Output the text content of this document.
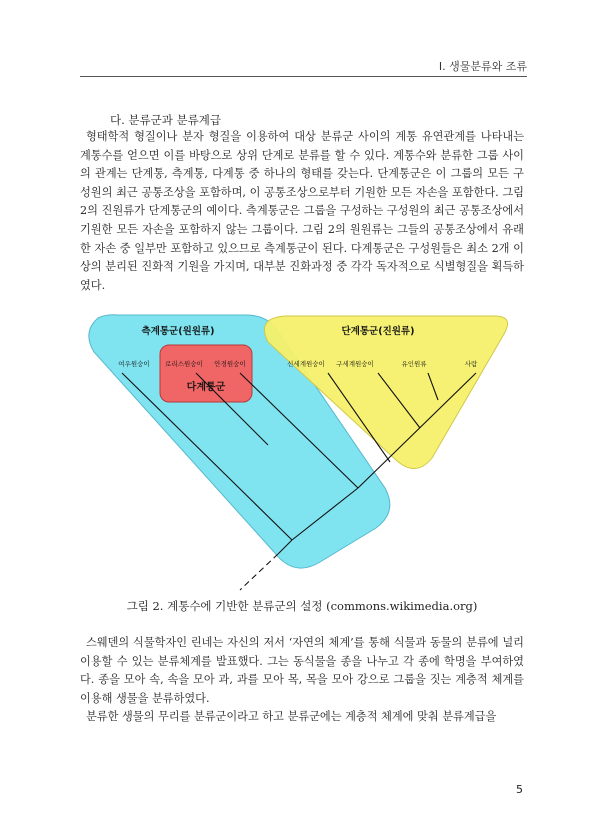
I. 생물분류와 조류
다. 분류군과 분류계급
형태학적 형질이나 분자 형질을 이용하여 대상 분류군 사이의 계통 유연관계를 나타내는 계통수를 얻으면 이를 바탕으로 상위 단계로 분류를 할 수 있다. 계통수와 분류한 그룹 사이의 관계는 단계통, 측계통, 다계통 중 하나의 형태를 갖는다. 단계통군은 이 그룹의 모든 구성원의 최근 공통조상을 포함하며, 이 공통조상으로부터 기원한 모든 자손을 포함한다. 그림 2의 진원류가 단계통군의 예이다. 측계통군은 그룹을 구성하는 구성원의 최근 공통조상에서 기원한 모든 자손을 포함하지 않는 그룹이다. 그림 2의 원원류는 그들의 공통조상에서 유래한 자손 중 일부만 포함하고 있으므로 측계통군이 된다. 다계통군은 구성원들은 최소 2개 이상의 분리된 진화적 기원을 가지며, 대부분 진화과정 중 각각 독자적으로 식별형질을 획득하였다.
측계통군(원원류)	단계통군(진원류)
다계통군
여우원숭이 로리스원숭이 안경원숭이	신세계원숭이 구세계원숭이	유인원류	사람
그림 2. 계통수에 기반한 분류군의 설정 (commons.wikimedia.org)
스웨덴의 식물학자인 린네는 자신의 저서 ‘자연의 체계’를 통해 식물과 동물의 분류에 널리 이용할 수 있는 분류체계를 발표했다. 그는 동식물을 종을 나누고 각 종에 학명을 부여하였다. 종을 모아 속, 속을 모아 과, 과를 모아 목, 목을 모아 강으로 그룹을 짓는 계층적 체계를 이용해 생물을 분류하였다.
분류한 생물의 무리를 분류군이라고 하고 분류군에는 계층적 체계에 맞춰 분류계급을
5
